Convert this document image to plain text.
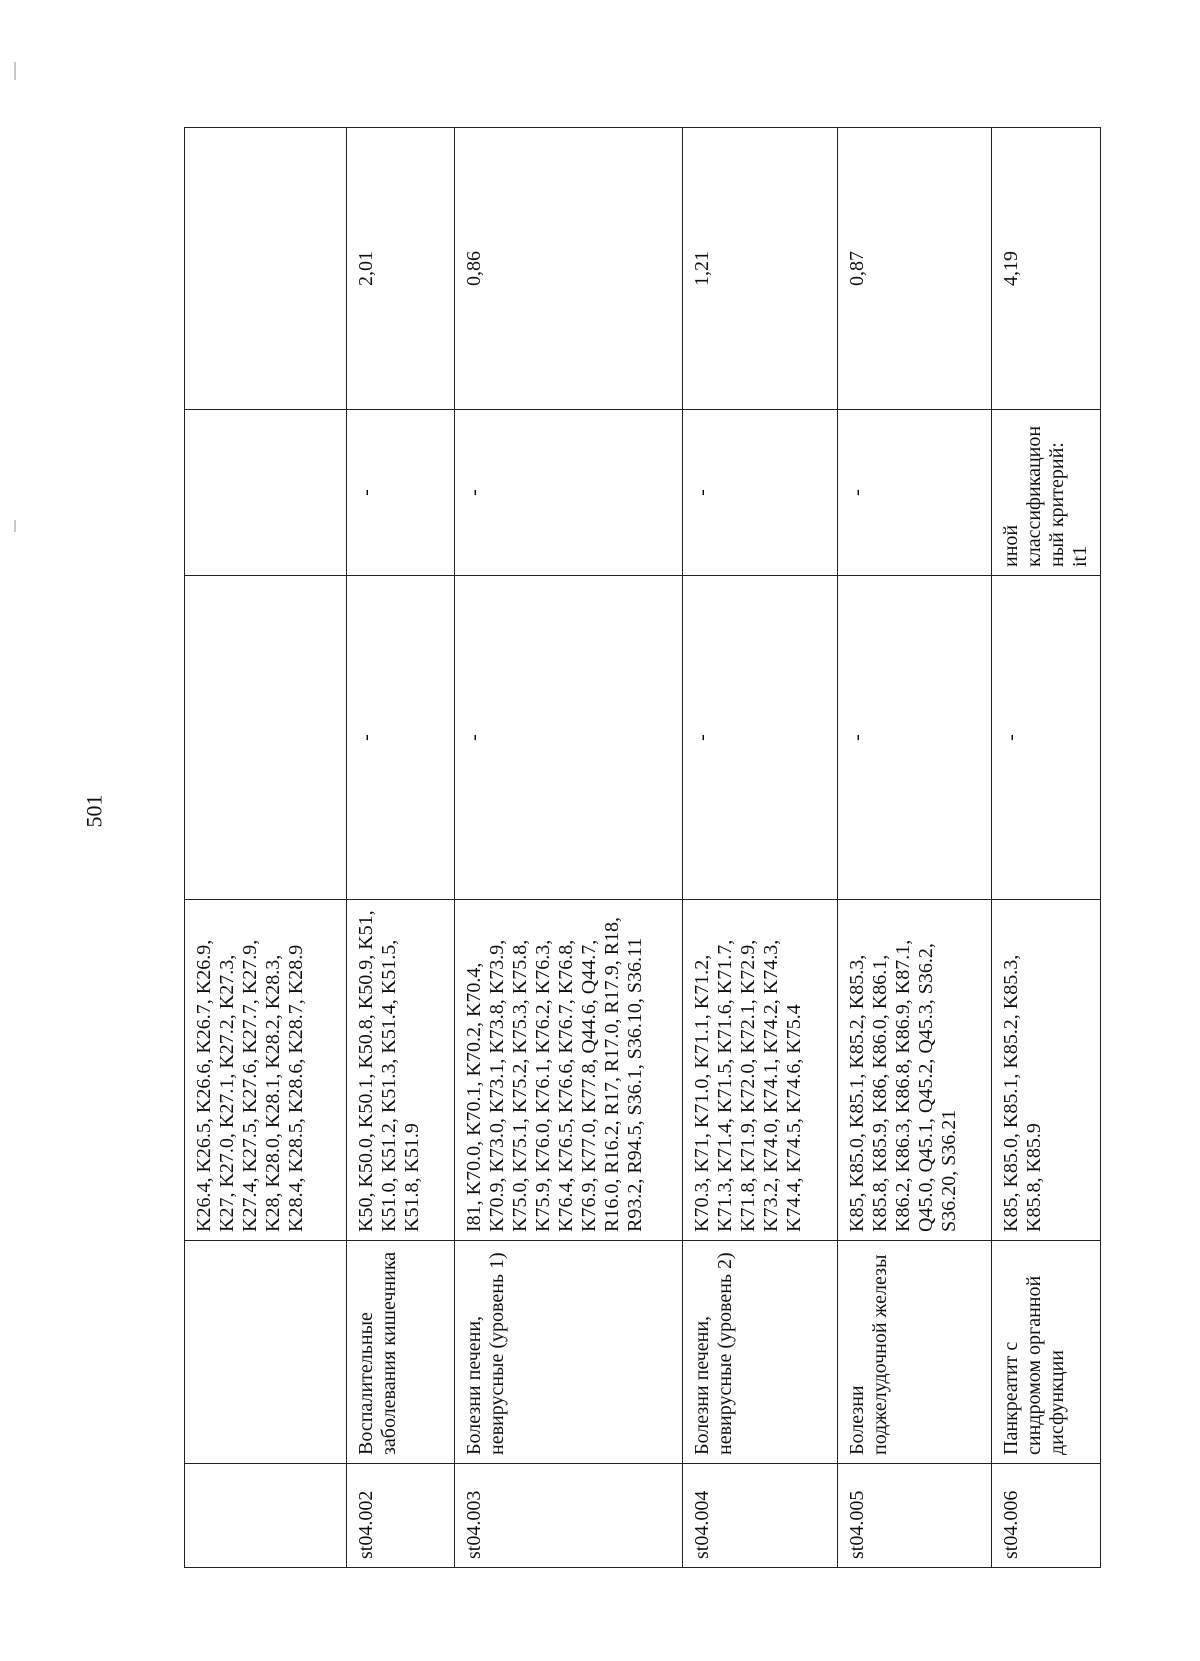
501
		K26.4, K26.5, K26.6, K26.7, K26.9, K27, K27.0, K27.1, K27.2, K27.3, K27.4, K27.5, K27.6, K27.7, K27.9, K28, K28.0, K28.1, K28.2, K28.3, K28.4, K28.5, K28.6, K28.7, K28.9			
st04.002	Воспалительные заболевания кишечника	K50, K50.0, K50.1, K50.8, K50.9, K51, K51.0, K51.2, K51.3, K51.4, K51.5, K51.8, K51.9	-	-	2,01
st04.003	Болезни печени, невирусные (уровень 1)	I81, K70.0, K70.1, K70.2, K70.4, K70.9, K73.0, K73.1, K73.8, K73.9, K75.0, K75.1, K75.2, K75.3, K75.8, K75.9, K76.0, K76.1, K76.2, K76.3, K76.4, K76.5, K76.6, K76.7, K76.8, K76.9, K77.0, K77.8, Q44.6, Q44.7, R16.0, R16.2, R17, R17.0, R17.9, R18, R93.2, R94.5, S36.1, S36.10, S36.11	-	-	0,86
st04.004	Болезни печени, невирусные (уровень 2)	K70.3, K71, K71.0, K71.1, K71.2, K71.3, K71.4, K71.5, K71.6, K71.7, K71.8, K71.9, K72.0, K72.1, K72.9, K73.2, K74.0, K74.1, K74.2, K74.3, K74.4, K74.5, K74.6, K75.4	-	-	1,21
st04.005	Болезни поджелудочной железы	K85, K85.0, K85.1, K85.2, K85.3, K85.8, K85.9, K86, K86.0, K86.1, K86.2, K86.3, K86.8, K86.9, K87.1, Q45.0, Q45.1, Q45.2, Q45.3, S36.2, S36.20, S36.21	-	-	0,87
st04.006	Панкреатит с синдромом органной дисфункции	K85, K85.0, K85.1, K85.2, K85.3, K85.8, K85.9	-	иной классификационный критерий: it1	4,19
